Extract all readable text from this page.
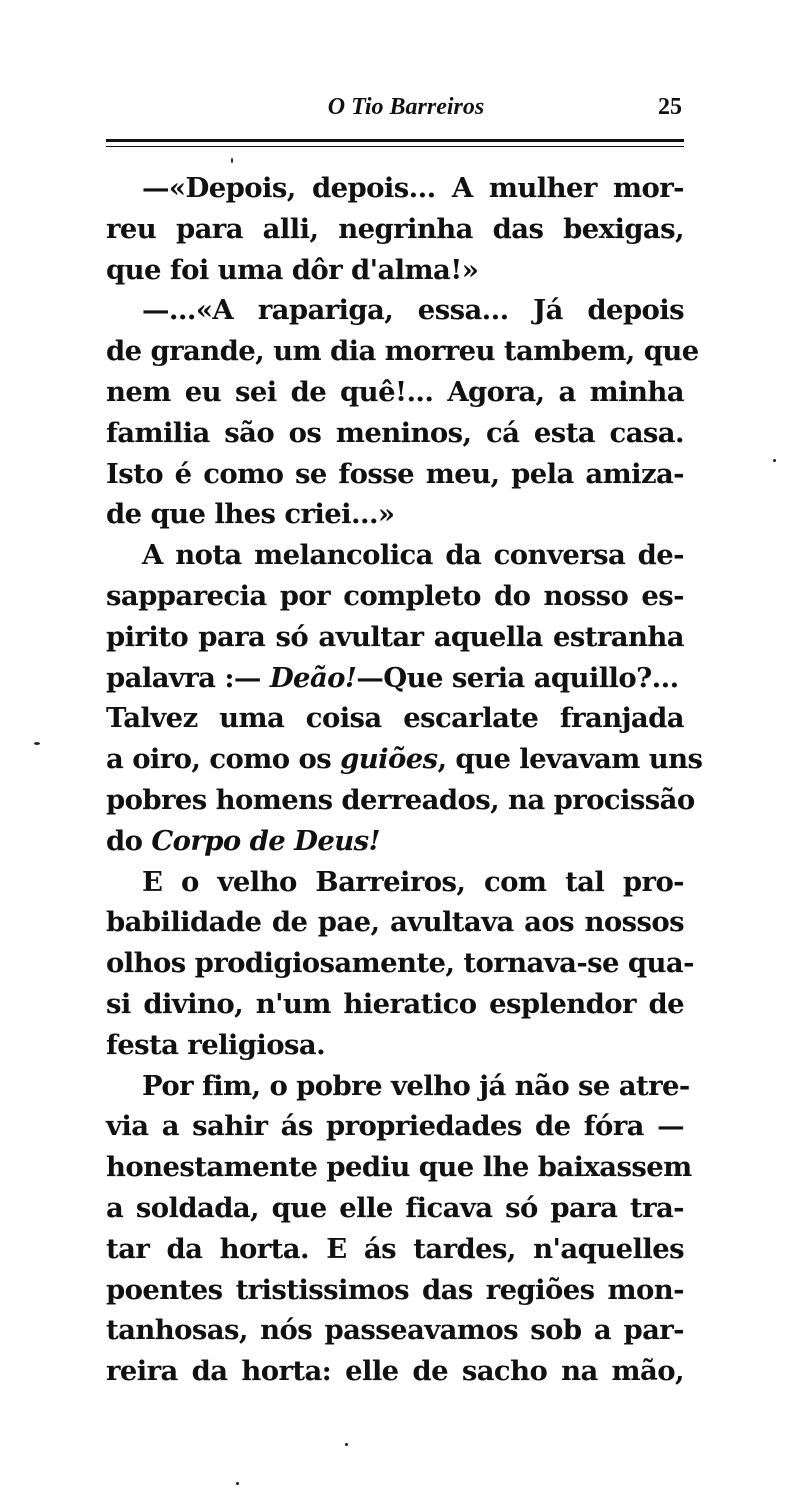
O Tio Barreiros	25
—«Depois, depois... A mulher mor-
reu para alli, negrinha das bexigas,
que foi uma dôr d'alma!»
—...«A rapariga, essa... Já depois
de grande, um dia morreu tambem, que
nem eu sei de quê!... Agora, a minha
familia são os meninos, cá esta casa.
Isto é como se fosse meu, pela amiza-
de que lhes criei...»
A nota melancolica da conversa de-
sapparecia por completo do nosso es-
pirito para só avultar aquella estranha
palavra :— Deão!—Que seria aquillo?...
Talvez uma coisa escarlate franjada
a oiro, como os guiões, que levavam uns
pobres homens derreados, na procissão
do Corpo de Deus!
E o velho Barreiros, com tal pro-
babilidade de pae, avultava aos nossos
olhos prodigiosamente, tornava-se qua-
si divino, n'um hieratico esplendor de
festa religiosa.
Por fim, o pobre velho já não se atre-
via a sahir ás propriedades de fóra —
honestamente pediu que lhe baixassem
a soldada, que elle ficava só para tra-
tar da horta. E ás tardes, n'aquelles
poentes tristissimos das regiões mon-
tanhosas, nós passeavamos sob a par-
reira da horta: elle de sacho na mão,
